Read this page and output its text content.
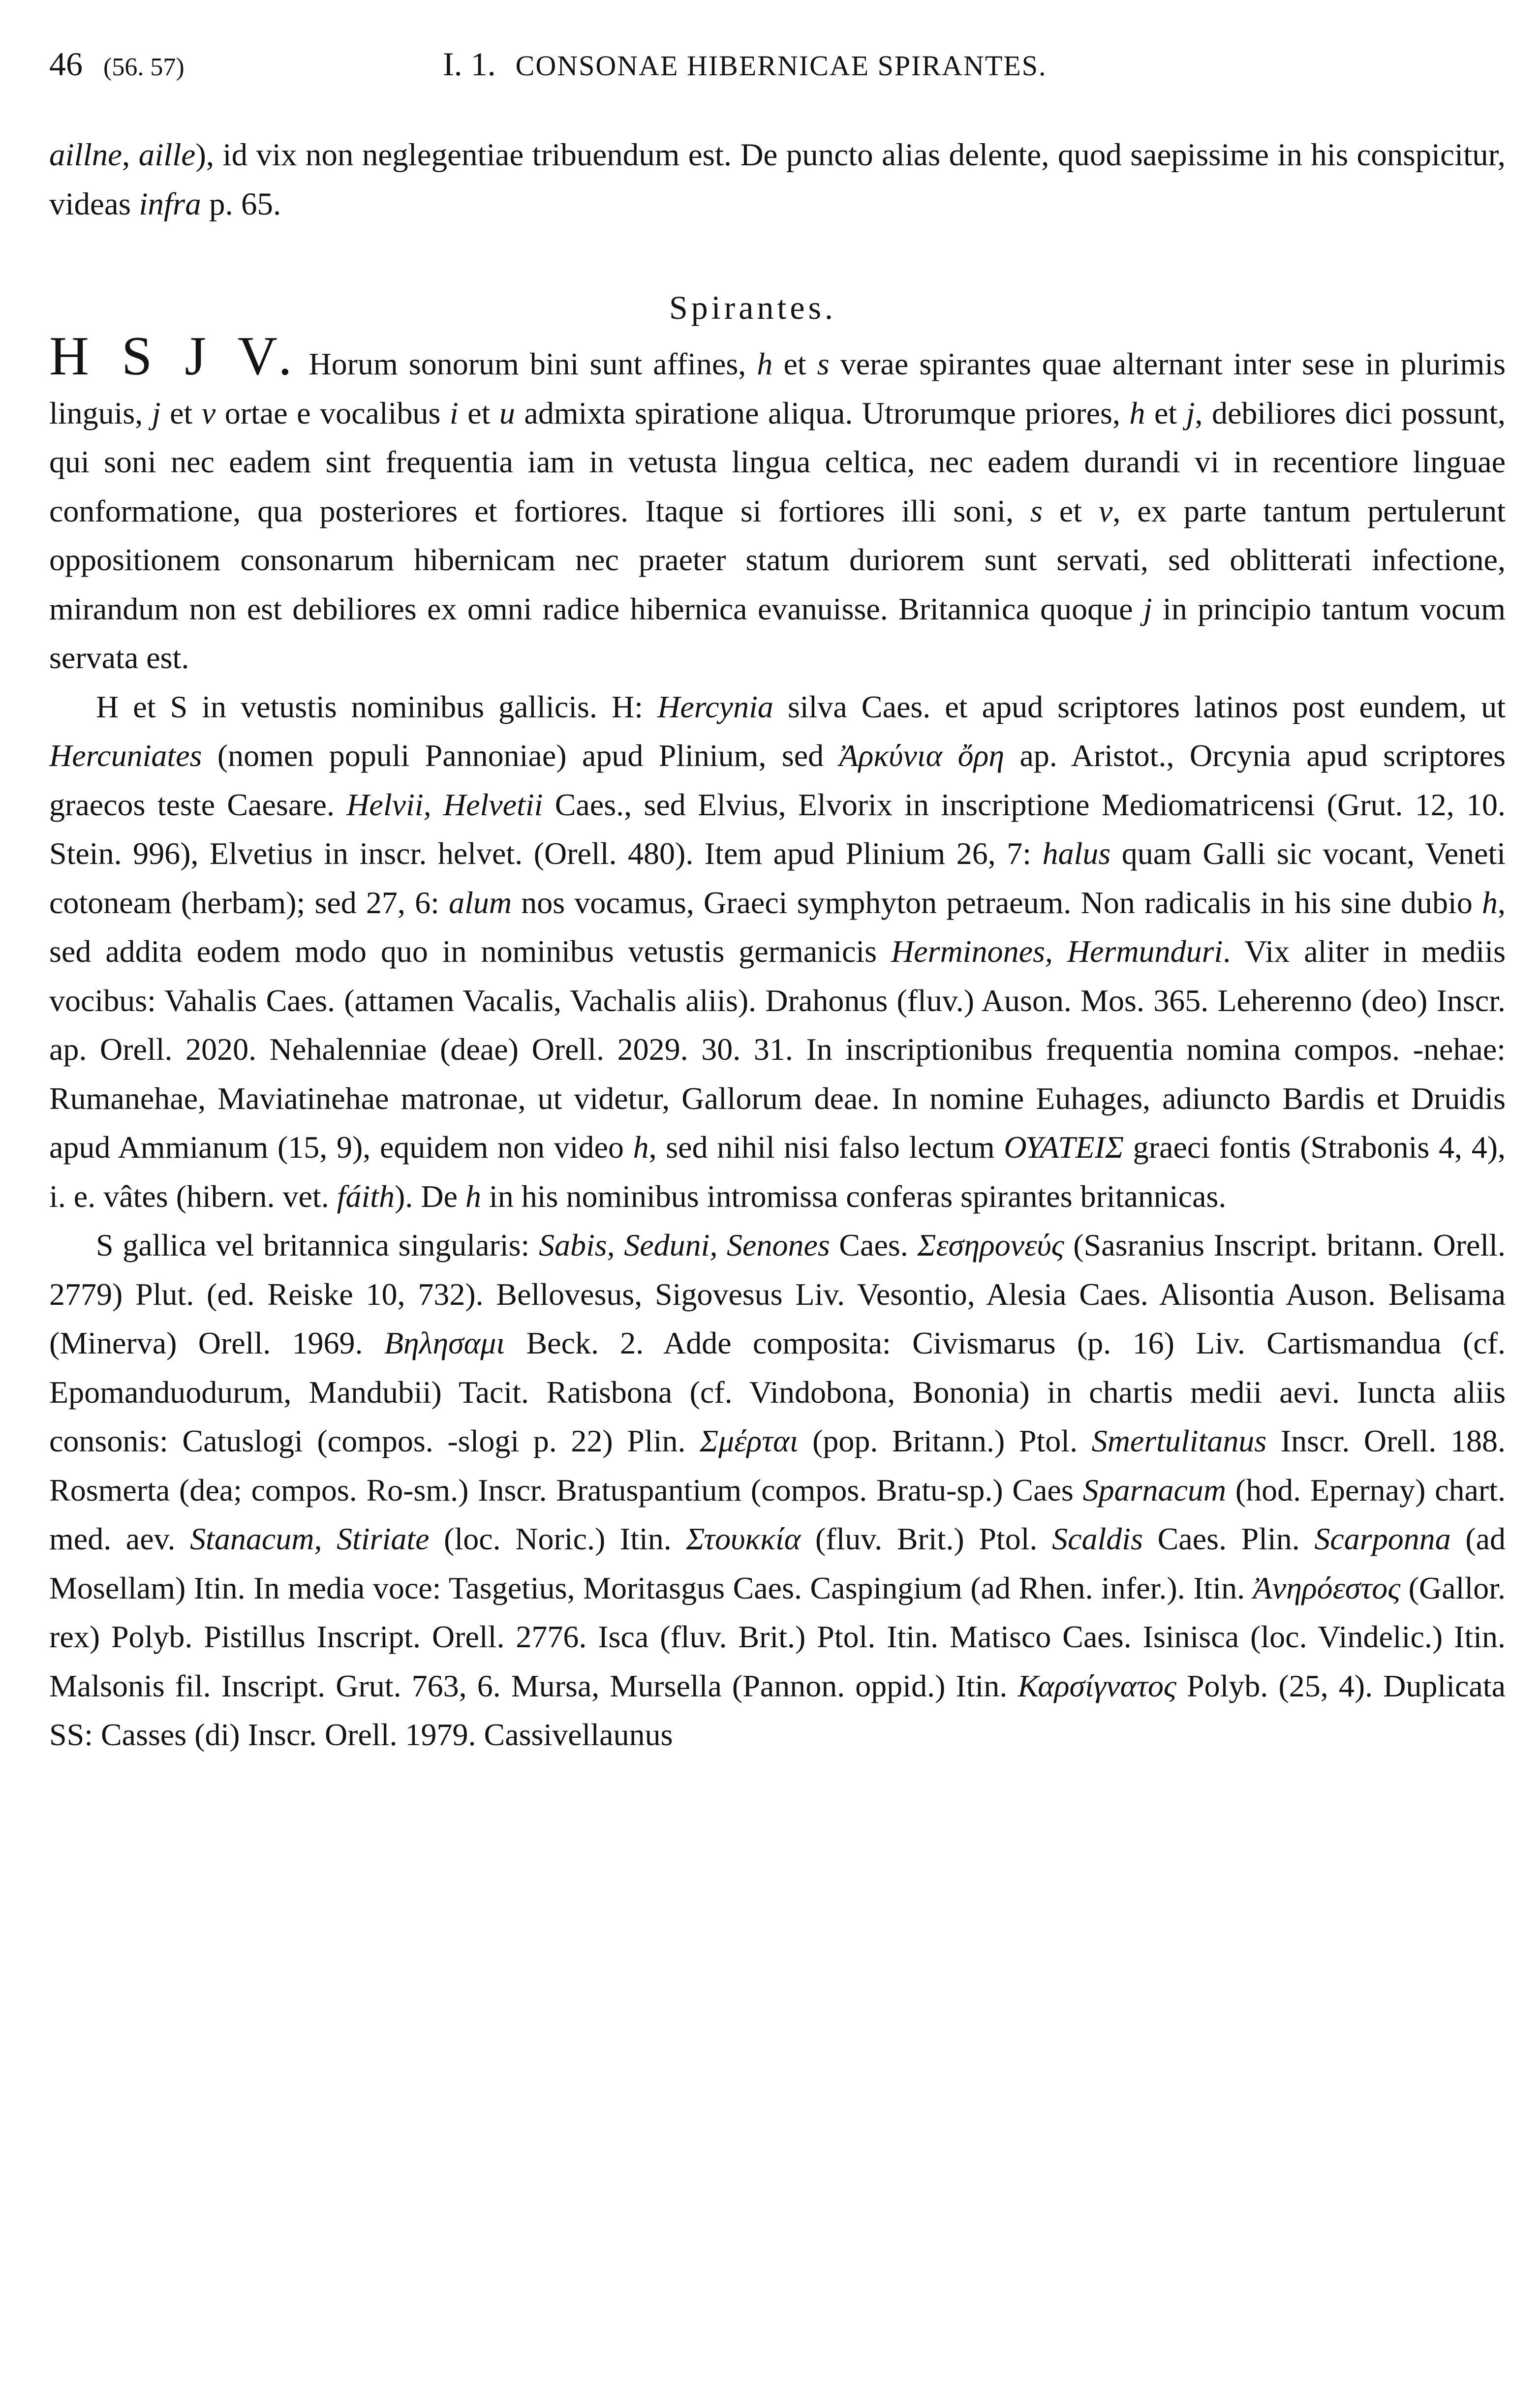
46 (56. 57)	I. 1. CONSONAE HIBERNICAE SPIRANTES.
aillne, aille), id vix non neglegentiae tribuendum est. De puncto alias delente, quod saepissime in his conspicitur, videas infra p. 65.
Spirantes.

H S J V. Horum sonorum bini sunt affines, h et s verae spirantes quae alternant inter sese in plurimis linguis, j et v ortae e vocalibus i et u admixta spiratione aliqua. Utrorumque priores, h et j, debiliores dici possunt, qui soni nec eadem sint frequentia iam in vetusta lingua celtica, nec eadem durandi vi in recentiore linguae conformatione, qua posteriores et fortiores. Itaque si fortiores illi soni, s et v, ex parte tantum pertulerunt oppositionem consonarum hibernicam nec praeter statum duriorem sunt servati, sed oblitterati infectione, mirandum non est debiliores ex omni radice hibernica evanuisse. Britannica quoque j in principio tantum vocum servata est.

H et S in vetustis nominibus gallicis. H: Hercynia silva Caes. et apud scriptores latinos post eundem, ut Hercuniates (nomen populi Pannoniae) apud Plinium, sed Ἀρκύνια ὄρη ap. Aristot., Orcynia apud scriptores graecos teste Caesare. Helvii, Helvetii Caes., sed Elvius, Elvorix in inscriptione Mediomatricensi (Grut. 12, 10. Stein. 996), Elvetius in inscr. helvet. (Orell. 480). Item apud Plinium 26, 7: halus quam Galli sic vocant, Veneti cotoneam (herbam); sed 27, 6: alum nos vocamus, Graeci symphyton petraeum. Non radicalis in his sine dubio h, sed addita eodem modo quo in nominibus vetustis germanicis Herminones, Hermunduri. Vix aliter in mediis vocibus: Vahalis Caes. (attamen Vacalis, Vachalis aliis). Drahonus (fluv.) Auson. Mos. 365. Leherenno (deo) Inscr. ap. Orell. 2020. Nehalenniae (deae) Orell. 2029. 30. 31. In inscriptionibus frequentia nomina compos. -nehae: Rumanehae, Maviatinehae matronae, ut videtur, Gallorum deae. In nomine Euhages, adiuncto Bardis et Druidis apud Ammianum (15, 9), equidem non video h, sed nihil nisi falso lectum ΟΥΑΤΕΙΣ graeci fontis (Strabonis 4, 4), i. e. vâtes (hibern. vet. fáith). De h in his nominibus intromissa conferas spirantes britannicas.

S gallica vel britannica singularis: Sabis, Seduni, Senones Caes. Σεσηρονεύς (Sasranius Inscript. britann. Orell. 2779) Plut. (ed. Reiske 10, 732). Bellovesus, Sigovesus Liv. Vesontio, Alesia Caes. Alisontia Auson. Belisama (Minerva) Orell. 1969. Βηλησαμι Beck. 2. Adde composita: Civismarus (p. 16) Liv. Cartismandua (cf. Epomanduodurum, Mandubii) Tacit. Ratisbona (cf. Vindobona, Bononia) in chartis medii aevi. Iuncta aliis consonis: Catuslogi (compos. -slogi p. 22) Plin. Σμέρται (pop. Britann.) Ptol. Smertulitanus Inscr. Orell. 188. Rosmerta (dea; compos. Ro-sm.) Inscr. Bratuspantium (compos. Bratu-sp.) Caes Sparnacum (hod. Epernay) chart. med. aev. Stanacum, Stiriate (loc. Noric.) Itin. Στουκκία (fluv. Brit.) Ptol. Scaldis Caes. Plin. Scarponna (ad Mosellam) Itin. In media voce: Tasgetius, Moritasgus Caes. Caspingium (ad Rhen. infer.). Itin. Ἀνηρόεστος (Gallor. rex) Polyb. Pistillus Inscript. Orell. 2776. Isca (fluv. Brit.) Ptol. Itin. Matisco Caes. Isinisca (loc. Vindelic.) Itin. Malsonis fil. Inscript. Grut. 763, 6. Mursa, Mursella (Pannon. oppid.) Itin. Καρσίγνατος Polyb. (25, 4). Duplicata SS: Casses (di) Inscr. Orell. 1979. Cassivellaunus
